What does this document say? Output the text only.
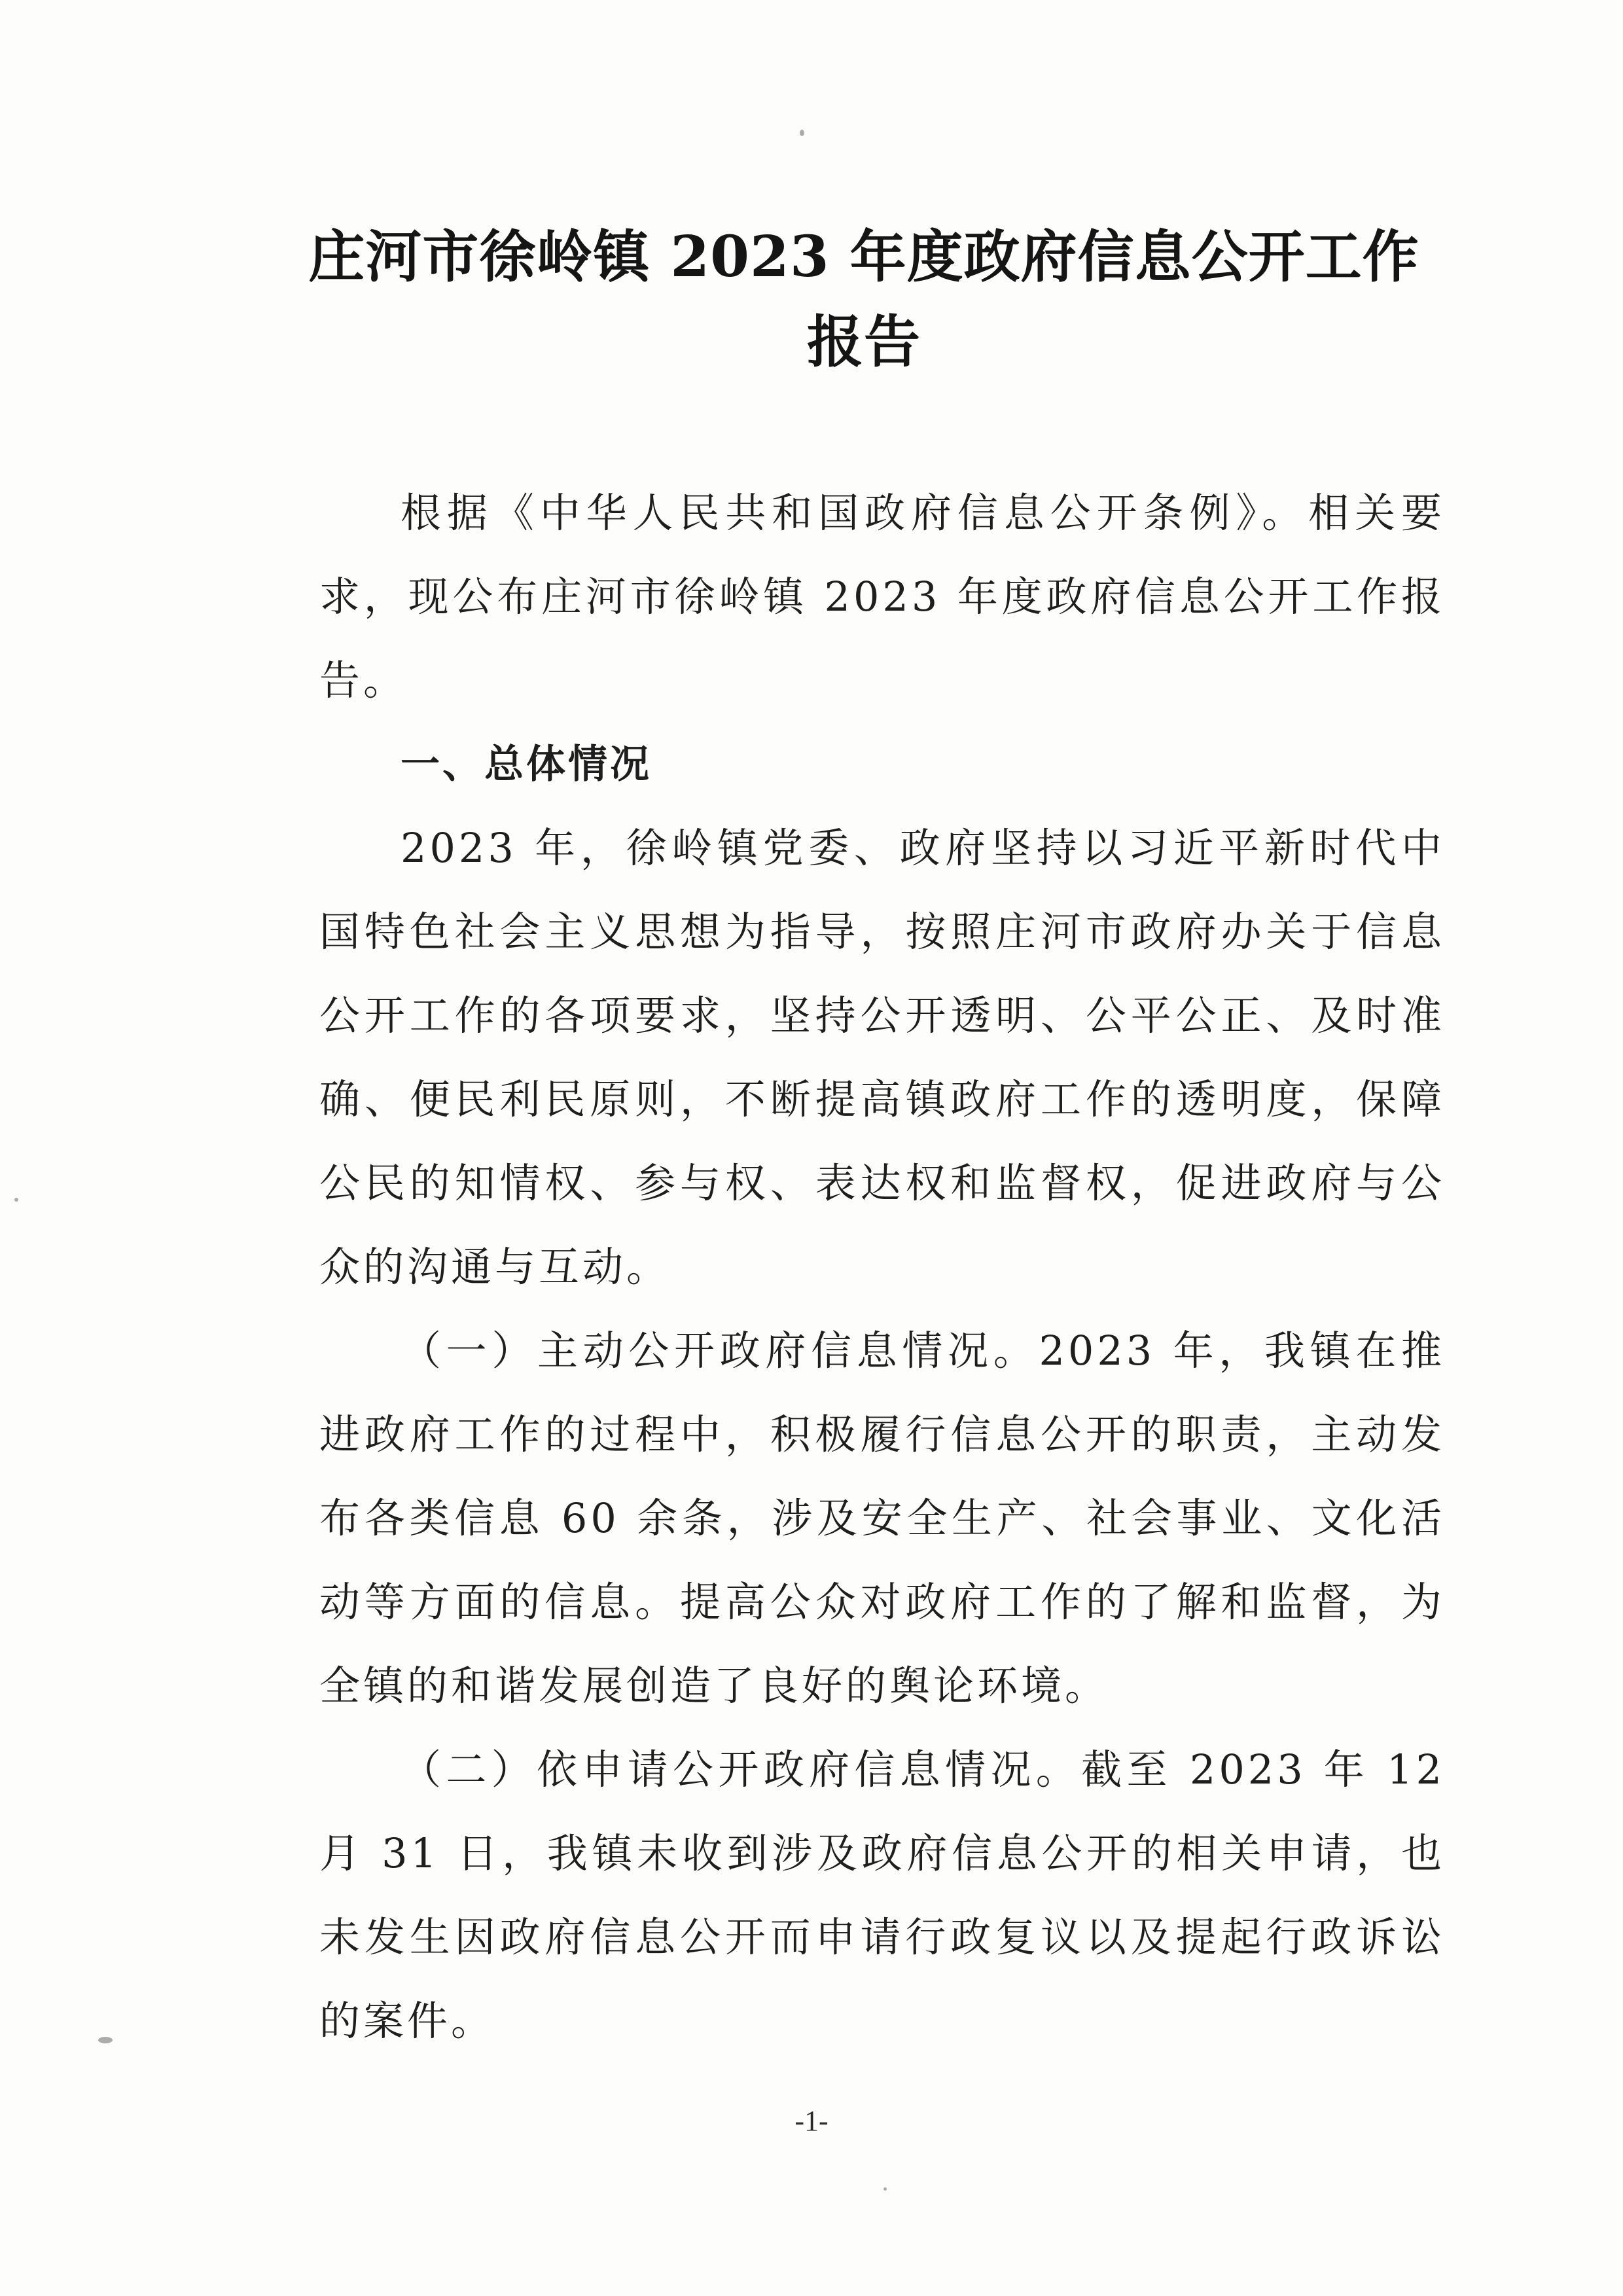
庄河市徐岭镇 2023 年度政府信息公开工作
报告

根据《中华人民共和国政府信息公开条例》。相关要求，现公布庄河市徐岭镇 2023 年度政府信息公开工作报告。

一、总体情况

2023 年，徐岭镇党委、政府坚持以习近平新时代中国特色社会主义思想为指导，按照庄河市政府办关于信息公开工作的各项要求，坚持公开透明、公平公正、及时准确、便民利民原则，不断提高镇政府工作的透明度，保障公民的知情权、参与权、表达权和监督权，促进政府与公众的沟通与互动。

（一）主动公开政府信息情况。2023 年，我镇在推进政府工作的过程中，积极履行信息公开的职责，主动发布各类信息 60 余条，涉及安全生产、社会事业、文化活动等方面的信息。提高公众对政府工作的了解和监督，为全镇的和谐发展创造了良好的舆论环境。

（二）依申请公开政府信息情况。截至 2023 年 12 月 31 日，我镇未收到涉及政府信息公开的相关申请，也未发生因政府信息公开而申请行政复议以及提起行政诉讼的案件。

-1-
